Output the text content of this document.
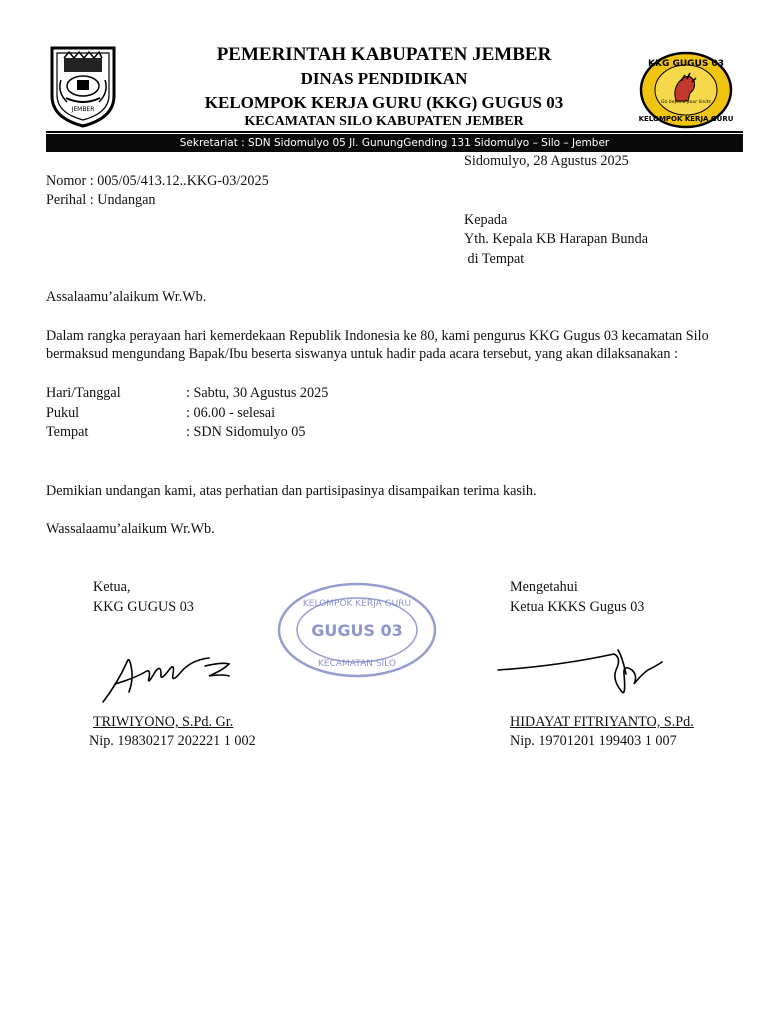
JEMBER
KKG GUGUS 03
Go beyond your limits
KELOMPOK KERJA GURU
PEMERINTAH KABUPATEN JEMBER
DINAS PENDIDIKAN
KELOMPOK KERJA GURU (KKG) GUGUS 03
KECAMATAN SILO KABUPATEN JEMBER
Sekretariat : SDN Sidomulyo 05 Jl. GunungGending 131 Sidomulyo – Silo – Jember
Sidomulyo, 28 Agustus 2025
Nomor : 005/05/413.12..KKG-03/2025
Perihal : Undangan
Kepada
Yth. Kepala KB Harapan Bunda
di Tempat
Assalaamu’alaikum Wr.Wb.
Dalam rangka perayaan hari kemerdekaan Republik Indonesia ke 80, kami pengurus KKG Gugus 03 kecamatan Silo bermaksud mengundang Bapak/Ibu beserta siswanya untuk hadir pada acara tersebut, yang akan dilaksanakan :
Hari/Tanggal	: Sabtu, 30 Agustus 2025
Pukul	: 06.00 - selesai
Tempat	: SDN Sidomulyo 05
Demikian undangan kami, atas perhatian dan partisipasinya disampaikan terima kasih.
Wassalaamu’alaikum Wr.Wb.
Ketua,
KKG GUGUS 03
TRIWIYONO, S.Pd. Gr.
Nip. 19830217 202221 1 002
KELOMPOK KERJA GURU
GUGUS 03
KECAMATAN SILO
Mengetahui
Ketua KKKS Gugus 03
HIDAYAT FITRIYANTO, S.Pd.
Nip. 19701201 199403 1 007
